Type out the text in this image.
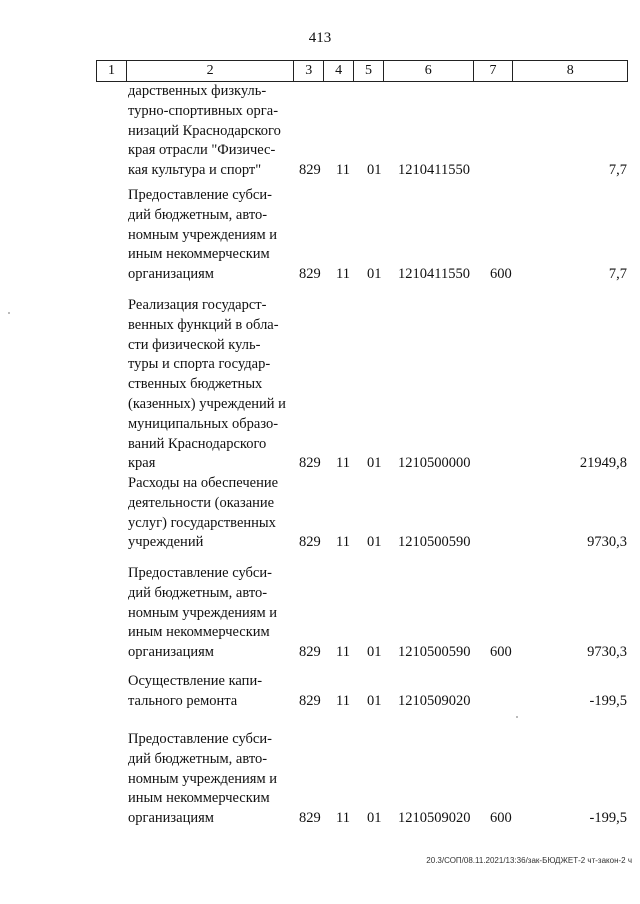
413
1	2	3	4	5	6	7	8
дарственных физкуль-
турно-спортивных орга-
низаций Краснодарского
края отрасли "Физичес-
кая культура и спорт"	829 11 01 1210411550	7,7
Предоставление субси-
дий бюджетным, авто-
номным учреждениям и
иным некоммерческим
организациям	829 11 01 1210411550 600	7,7
Реализация государст-
венных функций в обла-
сти физической куль-
туры и спорта государ-
ственных бюджетных
(казенных) учреждений и
муниципальных образо-
ваний Краснодарского
края	829 11 01 1210500000	21949,8
Расходы на обеспечение
деятельности (оказание
услуг) государственных
учреждений	829 11 01 1210500590	9730,3
Предоставление субси-
дий бюджетным, авто-
номным учреждениям и
иным некоммерческим
организациям	829 11 01 1210500590 600	9730,3
Осуществление капи-
тального ремонта	829 11 01 1210509020	-199,5
Предоставление субси-
дий бюджетным, авто-
номным учреждениям и
иным некоммерческим
организациям	829 11 01 1210509020 600	-199,5
20.3/СОП/08.11.2021/13:36/зак-БЮДЖЕТ-2 чт-закон-2 ч
